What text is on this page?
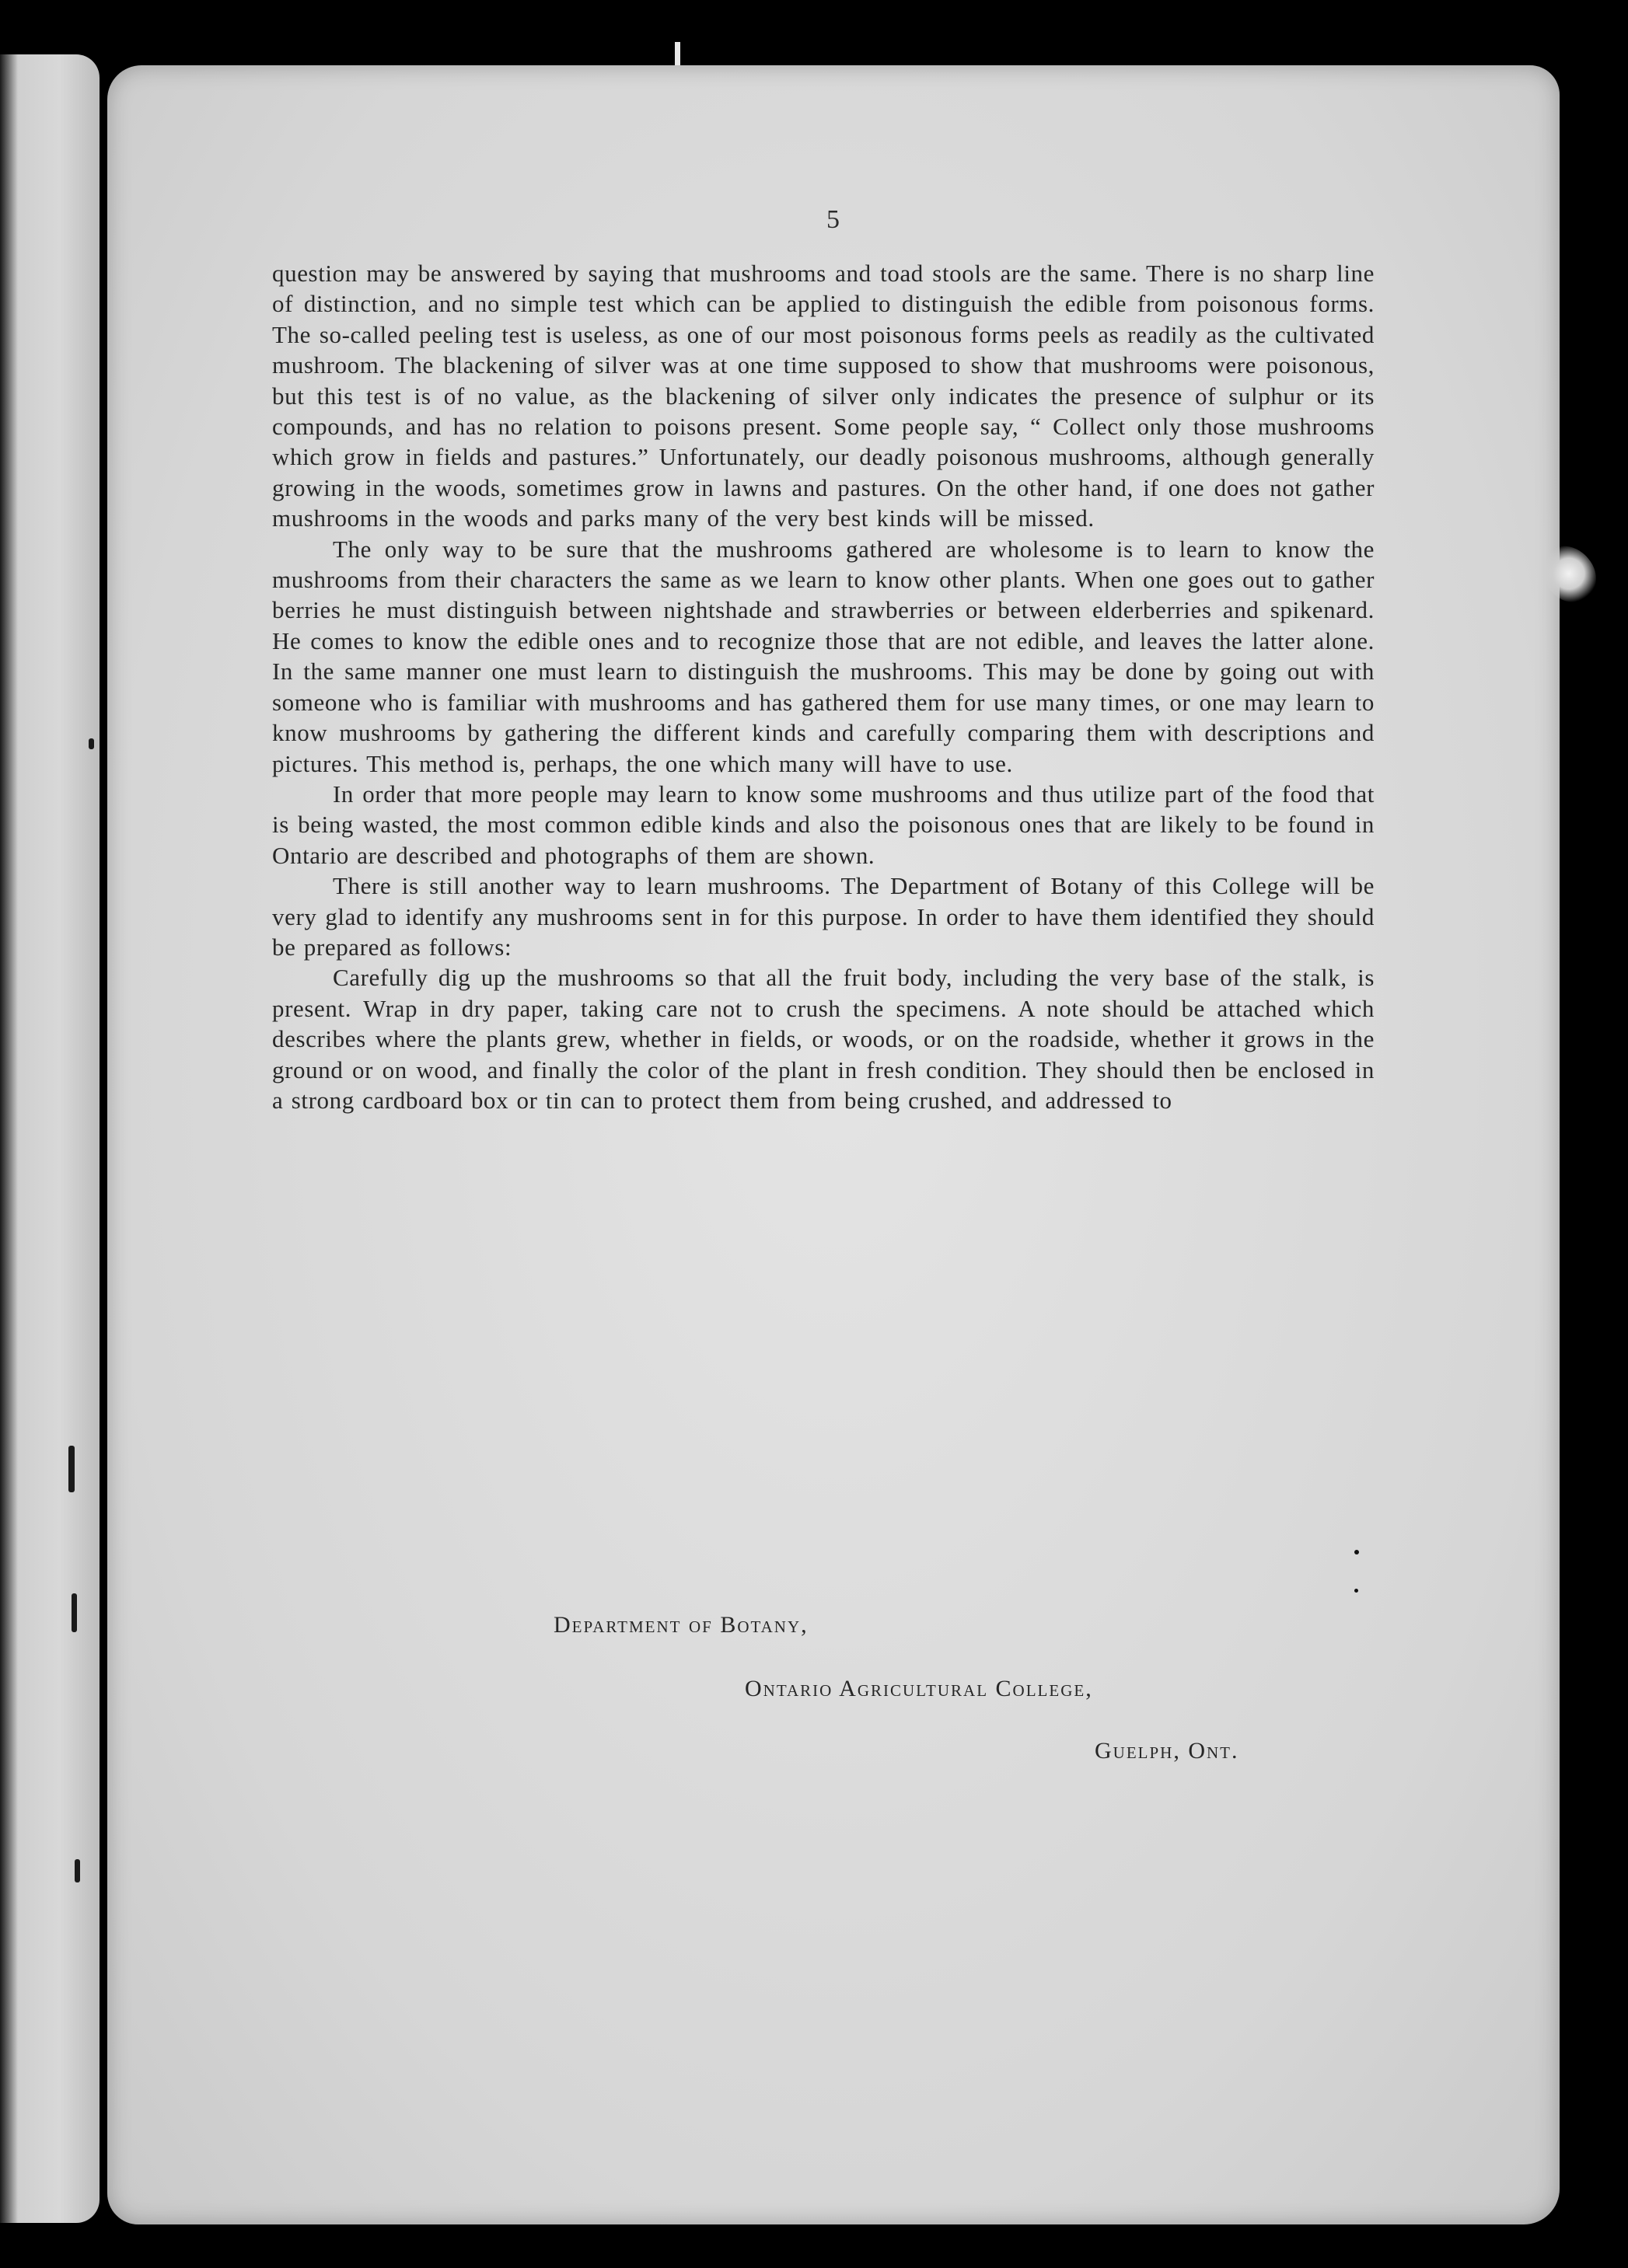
5

question may be answered by saying that mushrooms and toad stools are the same. There is no sharp line of distinction, and no simple test which can be applied to distinguish the edible from poisonous forms. The so-called peeling test is useless, as one of our most poisonous forms peels as readily as the cultivated mushroom. The blackening of silver was at one time supposed to show that mushrooms were poisonous, but this test is of no value, as the blackening of silver only indicates the presence of sulphur or its compounds, and has no relation to poisons present. Some people say, “ Collect only those mushrooms which grow in fields and pastures.” Unfortunately, our deadly poisonous mushrooms, although generally growing in the woods, sometimes grow in lawns and pastures. On the other hand, if one does not gather mushrooms in the woods and parks many of the very best kinds will be missed.

The only way to be sure that the mushrooms gathered are wholesome is to learn to know the mushrooms from their characters the same as we learn to know other plants. When one goes out to gather berries he must distinguish between nightshade and strawberries or between elderberries and spikenard. He comes to know the edible ones and to recognize those that are not edible, and leaves the latter alone. In the same manner one must learn to distinguish the mushrooms. This may be done by going out with someone who is familiar with mushrooms and has gathered them for use many times, or one may learn to know mushrooms by gathering the different kinds and carefully comparing them with descriptions and pictures. This method is, perhaps, the one which many will have to use.

In order that more people may learn to know some mushrooms and thus utilize part of the food that is being wasted, the most common edible kinds and also the poisonous ones that are likely to be found in Ontario are described and photographs of them are shown.

There is still another way to learn mushrooms. The Department of Botany of this College will be very glad to identify any mushrooms sent in for this purpose. In order to have them identified they should be prepared as follows:

Carefully dig up the mushrooms so that all the fruit body, including the very base of the stalk, is present. Wrap in dry paper, taking care not to crush the specimens. A note should be attached which describes where the plants grew, whether in fields, or woods, or on the roadside, whether it grows in the ground or on wood, and finally the color of the plant in fresh condition. They should then be enclosed in a strong cardboard box or tin can to protect them from being crushed, and addressed to

Department of Botany,
Ontario Agricultural College,
Guelph, Ont.
